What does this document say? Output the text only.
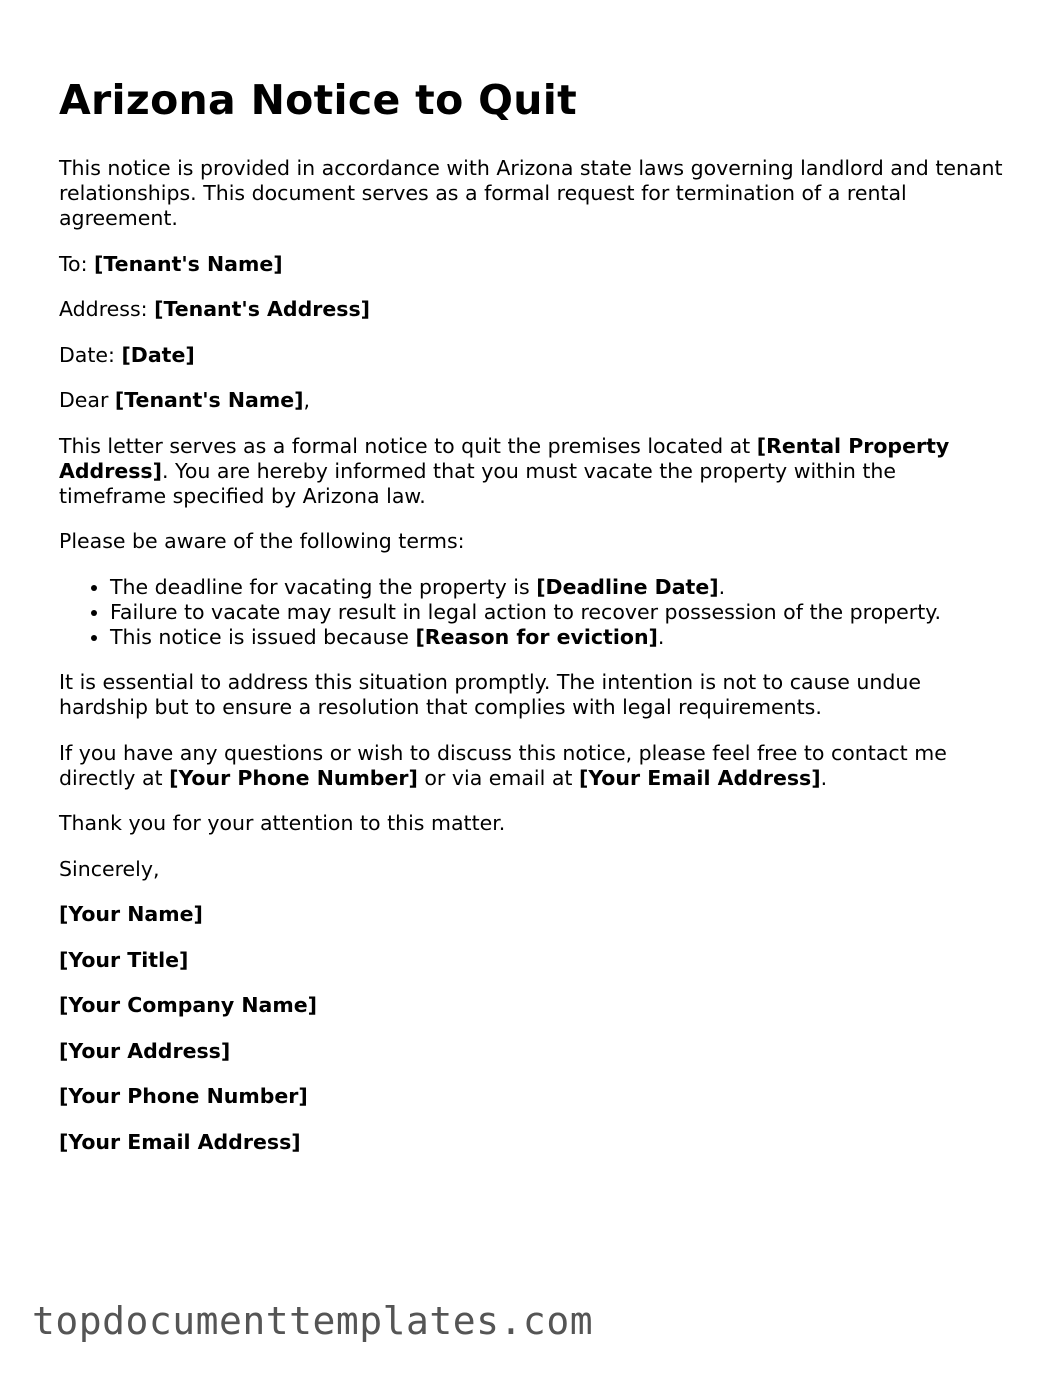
Arizona Notice to Quit

This notice is provided in accordance with Arizona state laws governing landlord and tenant relationships. This document serves as a formal request for termination of a rental agreement.

To: [Tenant's Name]

Address: [Tenant's Address]

Date: [Date]

Dear [Tenant's Name],

This letter serves as a formal notice to quit the premises located at [Rental Property Address]. You are hereby informed that you must vacate the property within the timeframe specified by Arizona law.

Please be aware of the following terms:

• The deadline for vacating the property is [Deadline Date].
• Failure to vacate may result in legal action to recover possession of the property.
• This notice is issued because [Reason for eviction].

It is essential to address this situation promptly. The intention is not to cause undue hardship but to ensure a resolution that complies with legal requirements.

If you have any questions or wish to discuss this notice, please feel free to contact me directly at [Your Phone Number] or via email at [Your Email Address].

Thank you for your attention to this matter.

Sincerely,

[Your Name]

[Your Title]

[Your Company Name]

[Your Address]

[Your Phone Number]

[Your Email Address]

topdocumenttemplates.com
